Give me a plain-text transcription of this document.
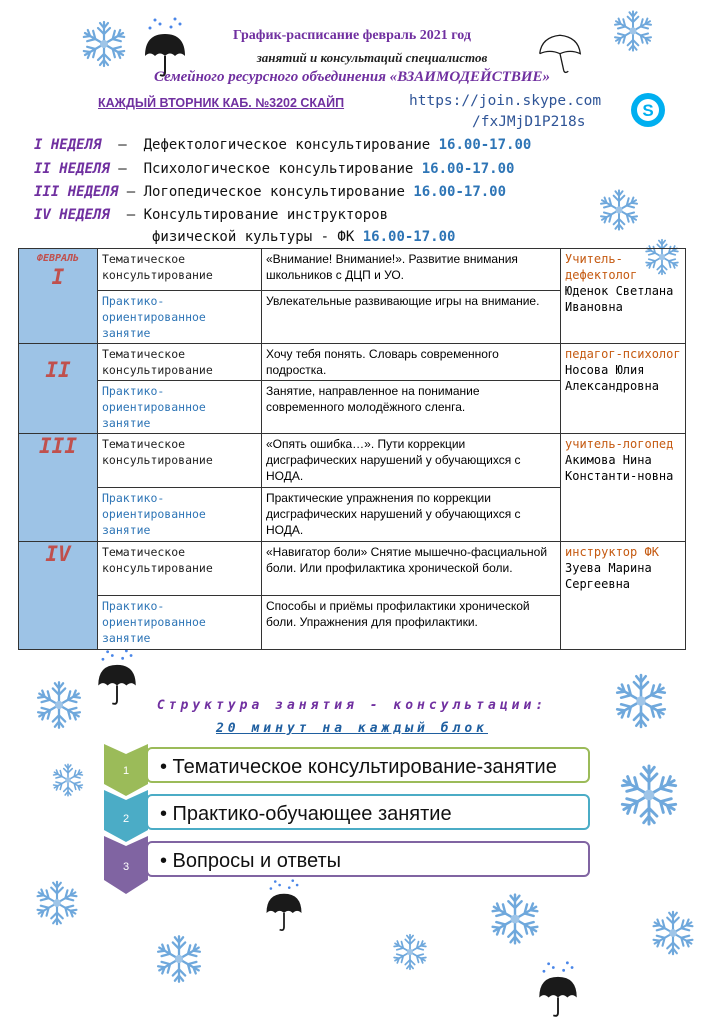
График-расписание февраль 2021 год
занятий и консультаций специалистов
Семейного ресурсного объединения «ВЗАИМОДЕЙСТВИЕ»
КАЖДЫЙ ВТОРНИК КАБ. №3202 СКАЙП	https://join.skype.com
/fxJMjD1P218s
S
I НЕДЕЛЯ  –  Дефектологическое консультирование 16.00-17.00
II НЕДЕЛЯ –  Психологическое консультирование 16.00-17.00
III НЕДЕЛЯ – Логопедическое консультирование 16.00-17.00
IV НЕДЕЛЯ  – Консультирование инструкторов
физической культуры - ФК 16.00-17.00
ФЕВРАЛЬ
I	Тематическое консультирование	«Внимание! Внимание!». Развитие внимания школьников с ДЦП и УО.	Учитель-дефектолог
Юденок Светлана Ивановна
	Практико-ориентированное занятие	Увлекательные развивающие игры на внимание.	

II	Тематическое консультирование	Хочу тебя понять. Словарь современного подростка.	педагог-психолог
Носова Юлия Александровна
	Практико-ориентированное занятие	Занятие, направленное на понимание современного молодёжного сленга.	

III	Тематическое консультирование	«Опять ошибка…». Пути коррекции дисграфических нарушений у обучающихся с НОДА.	учитель-логопед
Акимова Нина Константи-новна
	Практико-ориентированное занятие	Практические упражнения по коррекции дисграфических нарушений у обучающихся с НОДА.	

IV	Тематическое консультирование	«Навигатор боли» Снятие мышечно-фасциальной боли. Или профилактика хронической боли.	инструктор ФК
Зуева Марина Сергеевна
	Практико-ориентированное занятие	Способы и приёмы профилактики хронической боли. Упражнения для профилактики.	
Структура занятия - консультации:
20 минут на каждый блок
1
2
3
• Тематическое консультирование-занятие
• Практико-обучающее занятие
• Вопросы и ответы
